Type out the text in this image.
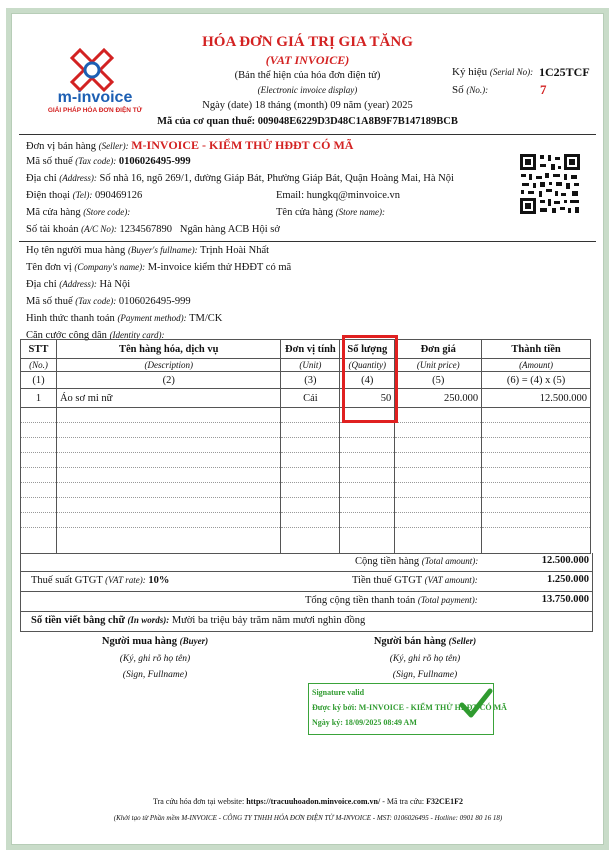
m-invoice
GIẢI PHÁP HÓA ĐƠN ĐIỆN TỬ
HÓA ĐƠN GIÁ TRỊ GIA TĂNG
(VAT INVOICE)
(Bản thể hiện của hóa đơn điện tử)
(Electronic invoice display)
Ngày (date) 18 tháng (month) 09 năm (year) 2025
Mã của cơ quan thuế: 009048E6229D3D48C1A8B9F7B147189BCB
Ký hiệu (Serial No): 1C25TCF
Số (No.):	7
Đơn vị bán hàng (Seller): M-INVOICE - KIỂM THỬ HĐĐT CÓ MÃ
Mã số thuế (Tax code): 0106026495-999
Địa chỉ (Address): Số nhà 16, ngõ 269/1, đường Giáp Bát, Phường Giáp Bát, Quận Hoàng Mai, Hà Nội
Điện thoại (Tel): 090469126	Email: hungkq@minvoice.vn
Mã cửa hàng (Store code):	Tên cửa hàng (Store name):
Số tài khoản (A/C No): 1234567890 Ngân hàng ACB Hội sở
Họ tên người mua hàng (Buyer's fullname): Trịnh Hoài Nhất
Tên đơn vị (Company's name): M-invoice kiểm thử HĐĐT có mã
Địa chỉ (Address): Hà Nội
Mã số thuế (Tax code): 0106026495-999
Hình thức thanh toán (Payment method): TM/CK
Căn cước công dân (Identity card):
STT	Tên hàng hóa, dịch vụ	Đơn vị tính	Số lượng	Đơn giá	Thành tiền
(No.)	(Description)	(Unit)	(Quantity)	(Unit price)	(Amount)
(1)	(2)	(3)	(4)	(5)	(6) = (4) x (5)
1	Áo sơ mi nữ	Cái	50	250.000	12.500.000

Cộng tiền hàng (Total amount):	12.500.000
Thuế suất GTGT (VAT rate): 10%	Tiền thuế GTGT (VAT amount):	1.250.000
Tổng cộng tiền thanh toán (Total payment):	13.750.000
Số tiền viết bằng chữ (In words): Mười ba triệu bảy trăm năm mươi nghìn đồng
Người mua hàng (Buyer)
(Ký, ghi rõ họ tên)
(Sign, Fullname)
Người bán hàng (Seller)
(Ký, ghi rõ họ tên)
(Sign, Fullname)
Signature valid
Được ký bởi: M-INVOICE - KIỂM THỬ HĐĐT CÓ MÃ
Ngày ký: 18/09/2025 08:49 AM
Tra cứu hóa đơn tại website: https://tracuuhoadon.minvoice.com.vn/ - Mã tra cứu: F32CE1F2
(Khởi tạo từ Phần mềm M-INVOICE - CÔNG TY TNHH HÓA ĐƠN ĐIỆN TỬ M-INVOICE - MST: 0106026495 - Hotline: 0901 80 16 18)
